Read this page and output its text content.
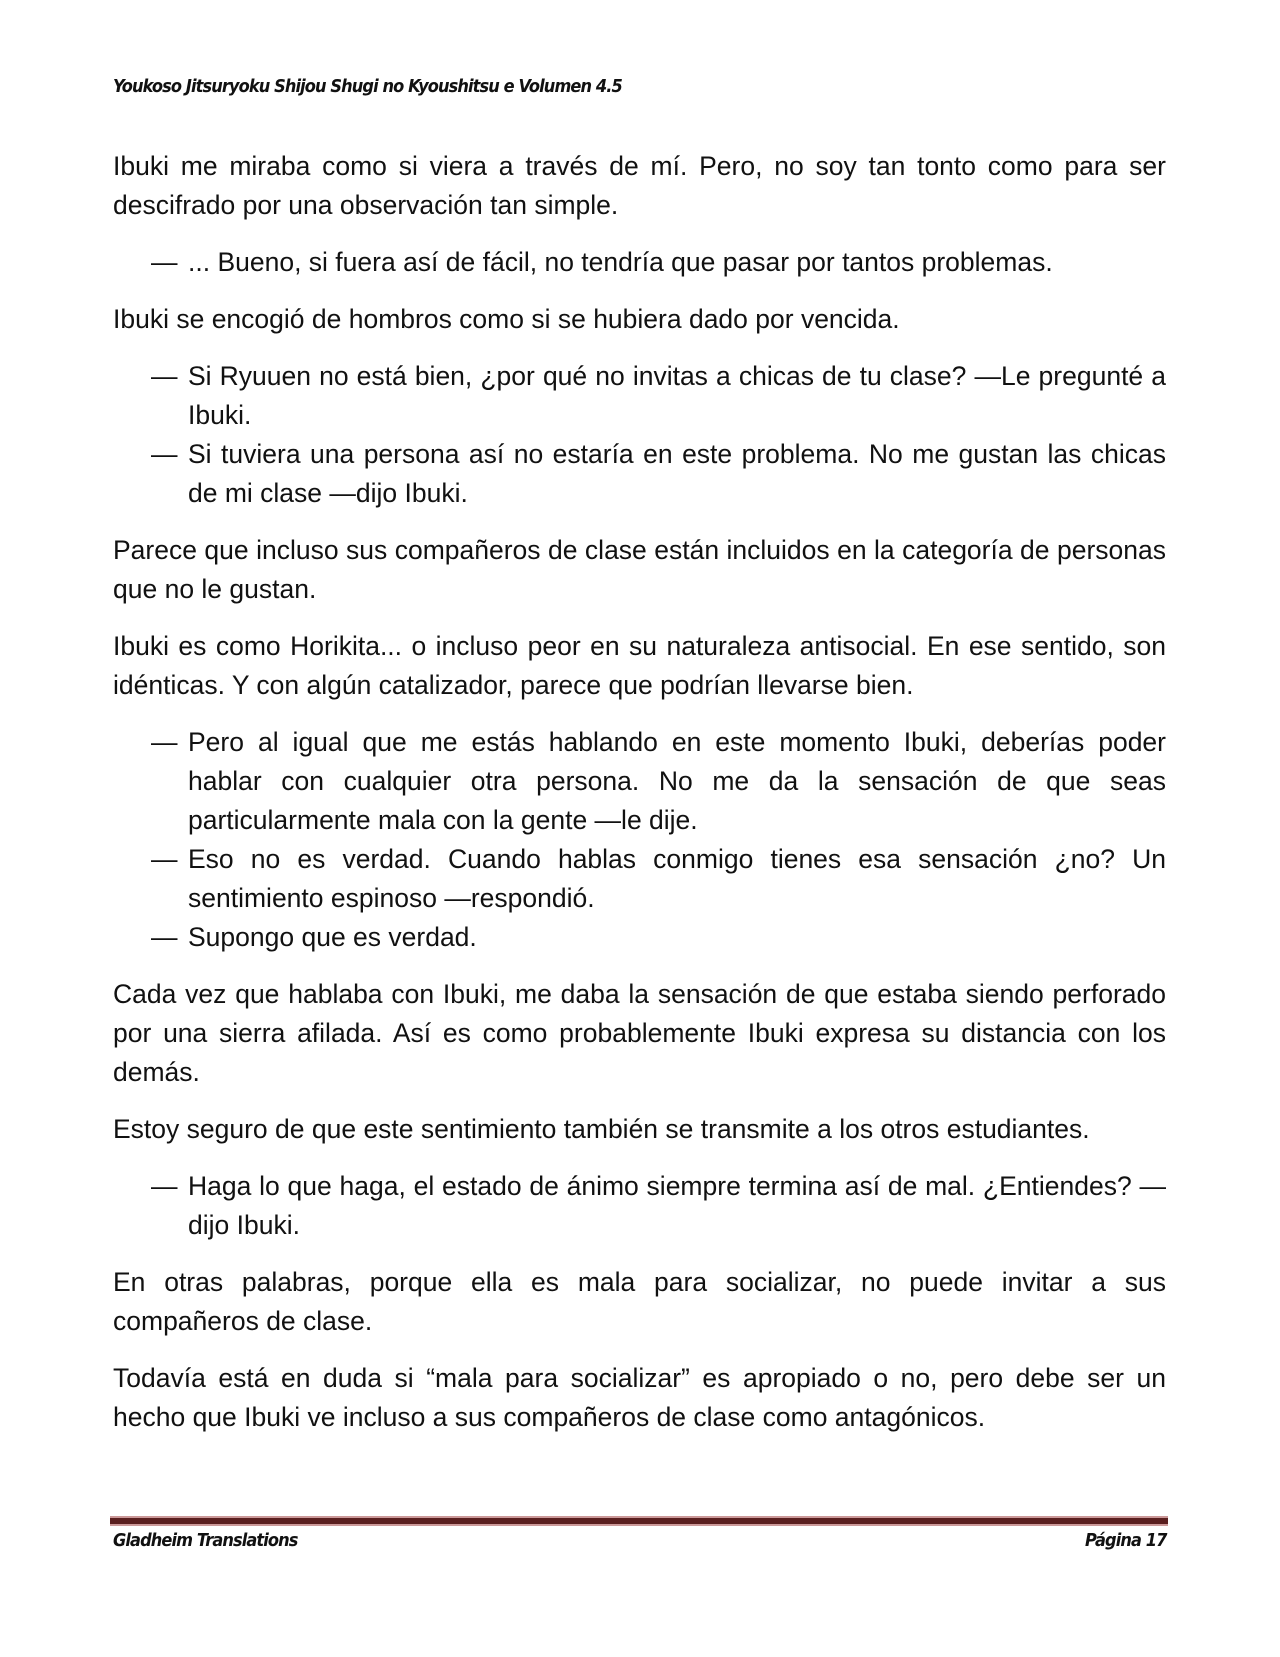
Youkoso Jitsuryoku Shijou Shugi no Kyoushitsu e Volumen 4.5

Ibuki me miraba como si viera a través de mí. Pero, no soy tan tonto como para ser descifrado por una observación tan simple.

— ... Bueno, si fuera así de fácil, no tendría que pasar por tantos problemas.

Ibuki se encogió de hombros como si se hubiera dado por vencida.

— Si Ryuuen no está bien, ¿por qué no invitas a chicas de tu clase? —Le pregunté a Ibuki.
— Si tuviera una persona así no estaría en este problema. No me gustan las chicas de mi clase —dijo Ibuki.

Parece que incluso sus compañeros de clase están incluidos en la categoría de personas que no le gustan.

Ibuki es como Horikita... o incluso peor en su naturaleza antisocial. En ese sentido, son idénticas. Y con algún catalizador, parece que podrían llevarse bien.

— Pero al igual que me estás hablando en este momento Ibuki, deberías poder hablar con cualquier otra persona. No me da la sensación de que seas particularmente mala con la gente —le dije.
— Eso no es verdad. Cuando hablas conmigo tienes esa sensación ¿no? Un sentimiento espinoso —respondió.
— Supongo que es verdad.

Cada vez que hablaba con Ibuki, me daba la sensación de que estaba siendo perforado por una sierra afilada. Así es como probablemente Ibuki expresa su distancia con los demás.

Estoy seguro de que este sentimiento también se transmite a los otros estudiantes.

— Haga lo que haga, el estado de ánimo siempre termina así de mal. ¿Entiendes? —dijo Ibuki.

En otras palabras, porque ella es mala para socializar, no puede invitar a sus compañeros de clase.

Todavía está en duda si “mala para socializar” es apropiado o no, pero debe ser un hecho que Ibuki ve incluso a sus compañeros de clase como antagónicos.

Gladheim Translations	Página 17
